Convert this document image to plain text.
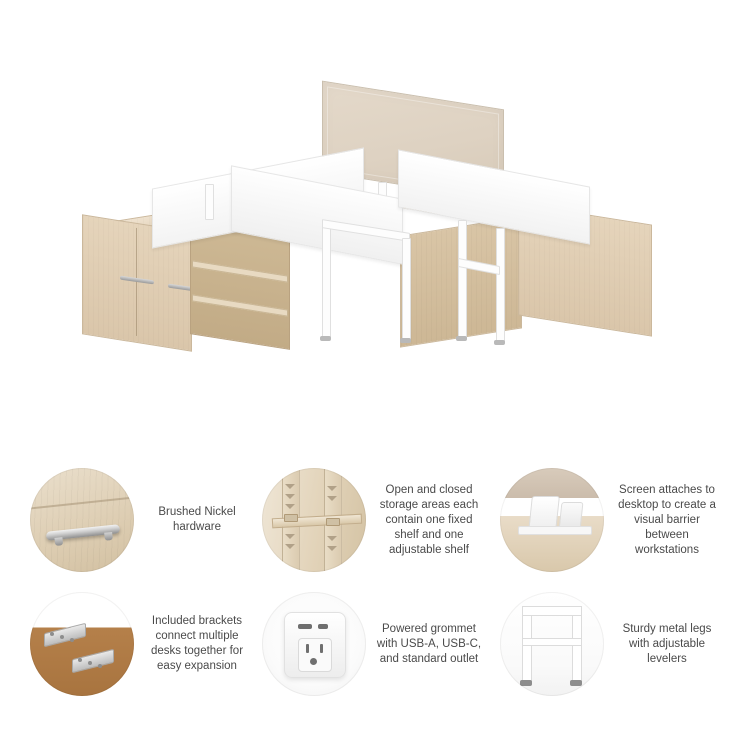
Brushed Nickel hardware
Open and closed storage areas each contain one fixed shelf and one adjustable shelf
Screen attaches to desktop to create a visual barrier between workstations
Included brackets connect multiple desks together for easy expansion
Powered grommet with USB-A, USB-C, and standard outlet
Sturdy metal legs with adjustable levelers
